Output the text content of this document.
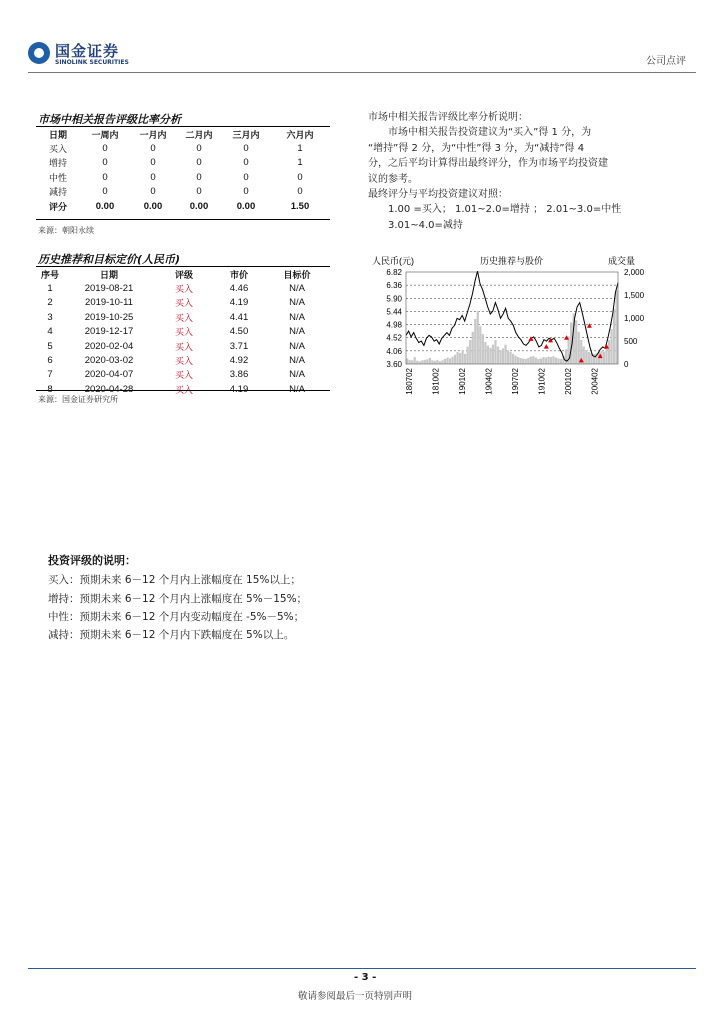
国金证券
SINOLINK SECURITIES	公司点评
市场中相关报告评级比率分析
日期	一周内	一月内	二月内	三月内	六月内
买入	0	0	0	0	1
增持	0	0	0	0	1
中性	0	0	0	0	0
减持	0	0	0	0	0
评分	0.00	0.00	0.00	0.00	1.50
来源：朝阳永续
历史推荐和目标定价(人民币)
序号	日期	评级	市价	目标价
1	2019-08-21	买入	4.46	N/A
2	2019-10-11	买入	4.19	N/A
3	2019-10-25	买入	4.41	N/A
4	2019-12-17	买入	4.50	N/A
5	2020-02-04	买入	3.71	N/A
6	2020-03-02	买入	4.92	N/A
7	2020-04-07	买入	3.86	N/A
8	2020-04-28	买入	4.19	N/A
来源：国金证券研究所

市场中相关报告评级比率分析说明：

　　市场中相关报告投资建议为“买入”得 1 分，为

“增持”得 2 分，为“中性”得 3 分，为“减持”得 4

分，之后平均计算得出最终评分，作为市场平均投资建

议的参考。

最终评分与平均投资建议对照：

　　1.00 =买入； 1.01~2.0=增持 ； 2.01~3.0=中性

　　3.01~4.0=减持

人民币(元)	历史推荐与股价	成交量
6.82
6.36
5.90
5.44
4.98
4.52
4.06
3.60
2,000
1,500
1,000
500
0
180702 181002 190102 190402 190702 191002 200102 200402
投资评级的说明：
买入：预期未来 6－12 个月内上涨幅度在 15%以上；
增持：预期未来 6－12 个月内上涨幅度在 5%－15%；
中性：预期未来 6－12 个月内变动幅度在 -5%－5%；
减持：预期未来 6－12 个月内下跌幅度在 5%以上。
- 3 -
敬请参阅最后一页特别声明
